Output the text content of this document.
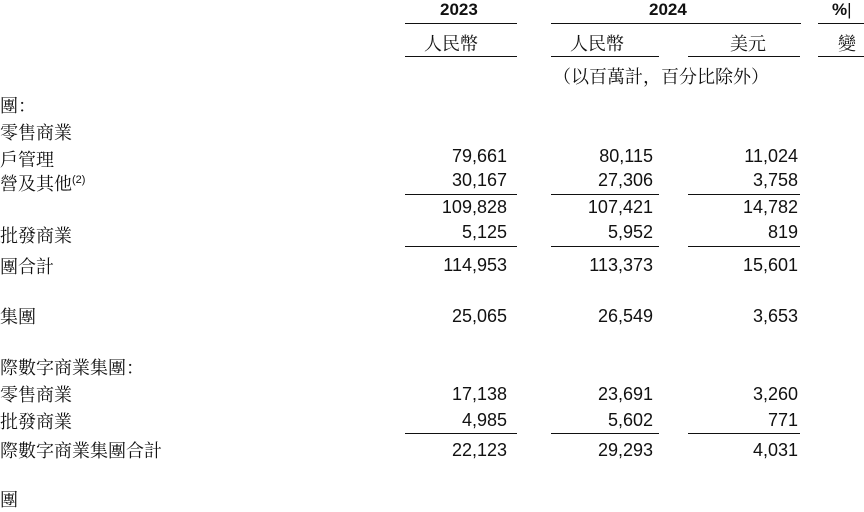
2023	2024	%|
人民幣	人民幣	美元	變
（以百萬計，百分比除外）
團：
零售商業
戶管理	79,661	80,115	11,024
營及其他$^{(2)}$	30,167	27,306	3,758
109,828	107,421	14,782
批發商業	5,125	5,952	819
團合計	114,953	113,373	15,601
集團	25,065	26,549	3,653
際數字商業集團：
零售商業	17,138	23,691	3,260
批發商業	4,985	5,602	771
際數字商業集團合計	22,123	29,293	4,031
團
